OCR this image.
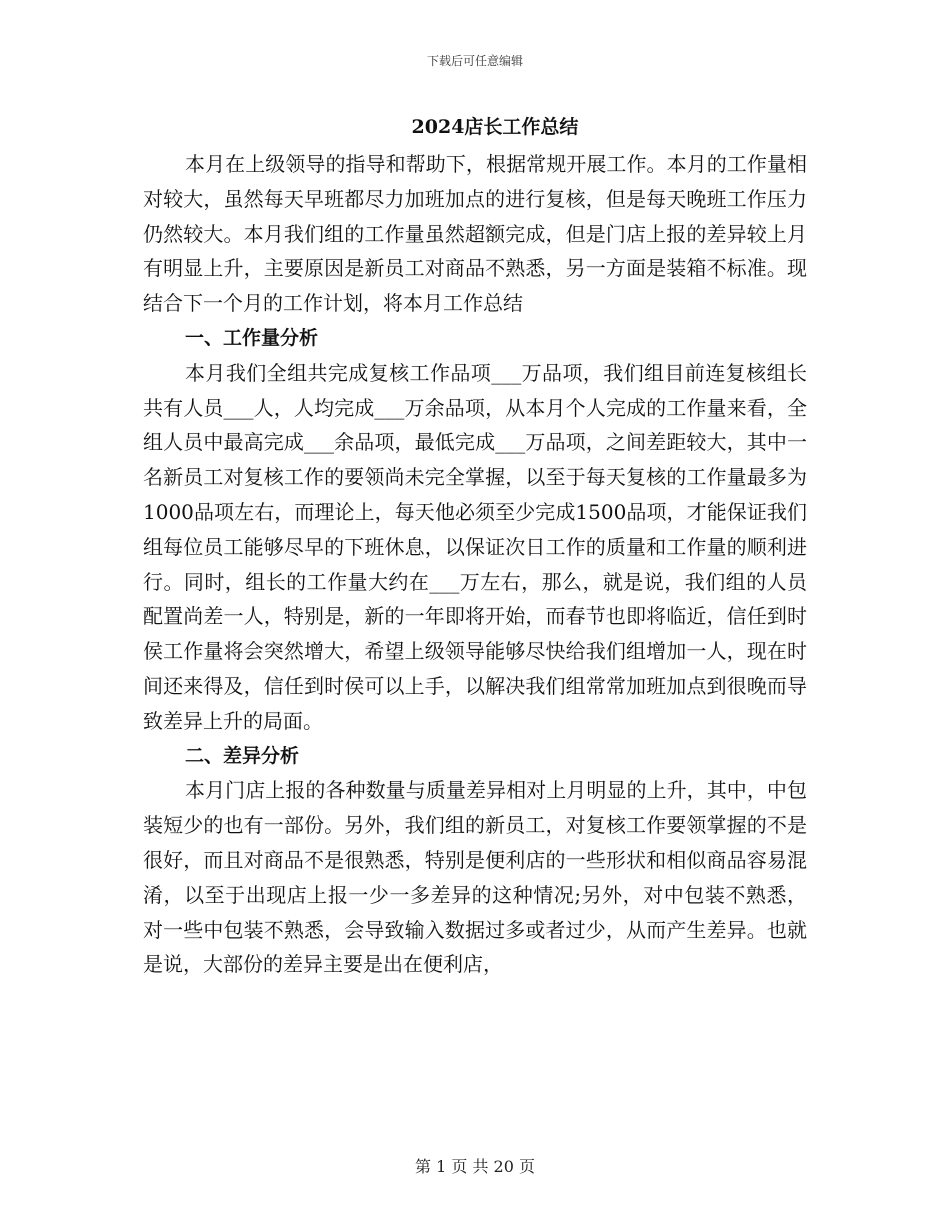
下载后可任意编辑
2024店长工作总结

本月在上级领导的指导和帮助下，根据常规开展工作。本月的工作量相对较大，虽然每天早班都尽力加班加点的进行复核，但是每天晚班工作压力仍然较大。本月我们组的工作量虽然超额完成，但是门店上报的差异较上月有明显上升，主要原因是新员工对商品不熟悉，另一方面是装箱不标准。现结合下一个月的工作计划，将本月工作总结

一、工作量分析

本月我们全组共完成复核工作品项___万品项，我们组目前连复核组长共有人员___人，人均完成___万余品项，从本月个人完成的工作量来看，全组人员中最高完成___余品项，最低完成___万品项，之间差距较大，其中一名新员工对复核工作的要领尚未完全掌握，以至于每天复核的工作量最多为1000品项左右，而理论上，每天他必须至少完成1500品项，才能保证我们组每位员工能够尽早的下班休息，以保证次日工作的质量和工作量的顺利进行。同时，组长的工作量大约在___万左右，那么，就是说，我们组的人员配置尚差一人，特别是，新的一年即将开始，而春节也即将临近，信任到时侯工作量将会突然增大，希望上级领导能够尽快给我们组增加一人，现在时间还来得及，信任到时侯可以上手，以解决我们组常常加班加点到很晚而导致差异上升的局面。

二、差异分析

本月门店上报的各种数量与质量差异相对上月明显的上升，其中，中包装短少的也有一部份。另外，我们组的新员工，对复核工作要领掌握的不是很好，而且对商品不是很熟悉，特别是便利店的一些形状和相似商品容易混淆，以至于出现店上报一少一多差异的这种情况;另外，对中包装不熟悉，对一些中包装不熟悉，会导致输入数据过多或者过少，从而产生差异。也就是说，大部份的差异主要是出在便利店，

第 1 页 共 20 页
